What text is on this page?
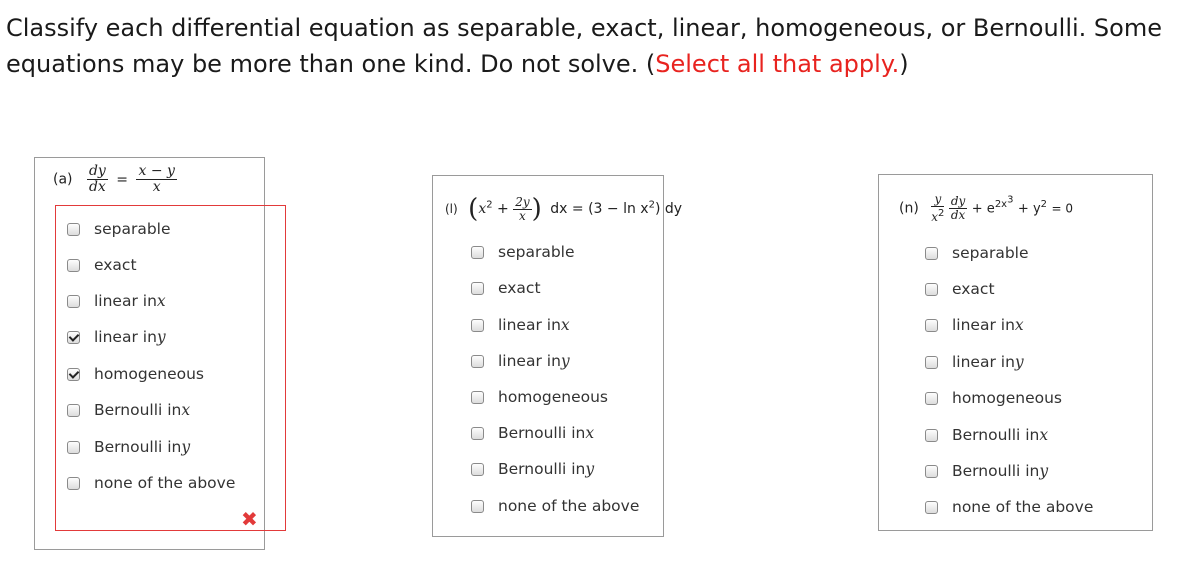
Classify each differential equation as separable, exact, linear, homogeneous, or Bernoulli. Some equations may be more than one kind. Do not solve. (Select all that apply.)

$(a) \frac{dy}{dx} = \frac{x - y}{x}$
✖
separable
exact
linear in x
linear in y
homogeneous
Bernoulli in x
Bernoulli in y
none of the above
(l) ($x^2 + \frac{2y}{x}$ ) dx = $(3 - \ln x^2)$ dy
separable
exact
linear in x
linear in y
homogeneous
Bernoulli in x
Bernoulli in y
none of the above
$(n) \frac{y}{x^2}$
$\frac{dy}{dx} + e^{2x^3} + y^2 = 0$
separable
exact
linear in x
linear in y
homogeneous
Bernoulli in x
Bernoulli in y
none of the above
